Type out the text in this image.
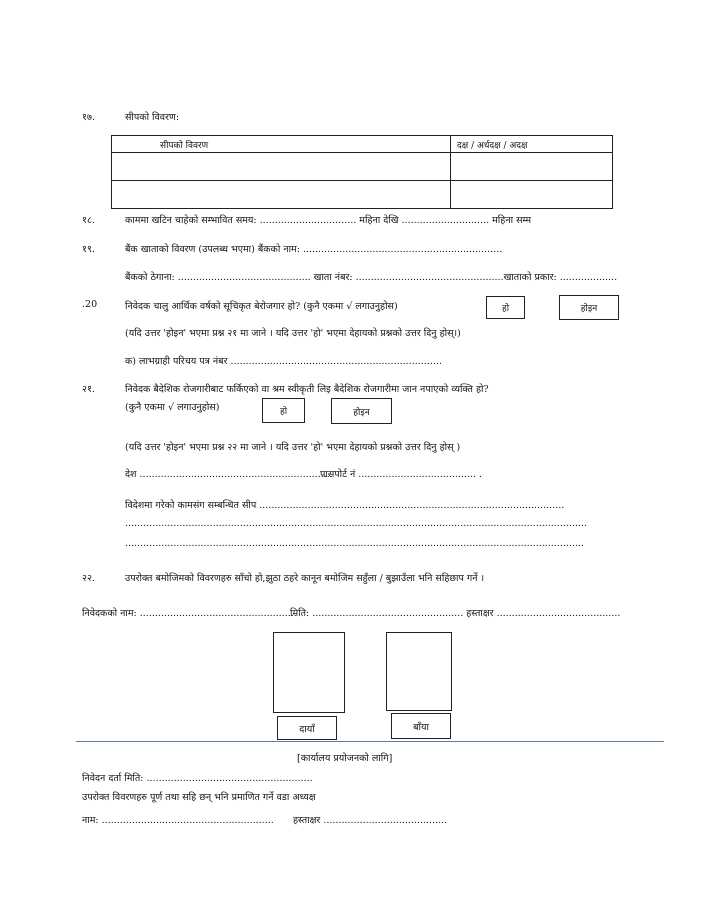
१७.	सीपको विवरण:
सीपको विवरण	दक्ष / अर्धदक्ष / अदक्ष

१८.	काममा खटिन चाहेको सम्भावित समय: ................................ महिना देखि ............................. महिना सम्म
१९.	बैंक खाताको विवरण (उपलब्ध भएमा) बैंकको नाम: ..................................................................
बैंकको ठेगाना: ............................................ खाता नंबर: .................................................खाताको प्रकार: ...................
.20	निवेदक चालु आर्थिक वर्षको सूचिकृत बेरोजगार हो? (कुनै एकमा √ लगाउनुहोस)	हो	होइन
(यदि उत्तर 'होइन' भएमा प्रश्न २१ मा जाने । यदि उत्तर 'हो' भएमा देहायको प्रश्नको उत्तर दिनु होस्।)
क) लाभग्राही परिचय पत्र नंबर ......................................................................
२१.	निवेदक बैदेशिक रोजगारीबाट फर्किएको वा श्रम स्वीकृती लिइ बैदेशिक रोजगारीमा जान नपाएको व्यक्ति हो?
(कुनै एकमा √ लगाउनुहोस)	हो	होइन
(यदि उत्तर 'होइन' भएमा प्रश्न २२ मा जाने । यदि उत्तर 'हो' भएमा देहायको प्रश्नको उत्तर दिनु होस् )
देश ................................................................
पासपोर्ट नं ....................................... .
विदेशमा गरेको कामसंग सम्बन्धित सीप .....................................................................................................
.........................................................................................................................................................
........................................................................................................................................................
२२.	उपरोक्त बमोजिमको विवरणहरु साँचो हो,झुठा ठहरे कानून बमोजिम सहुँला / बुझाउँला भनि सहिछाप गर्ने ।
निवेदकको नाम: ....................................................
मिति: .................................................. हस्ताक्षर .........................................
दायाँ	बाँया
[कार्यालय प्रयोजनको लागि]
निवेदन दर्ता मिति: .......................................................
उपरोक्त विवरणहरु पूर्ण तथा सहि छन् भनि प्रमाणित गर्ने वडा अध्यक्ष
नाम: ......................................................... हस्ताक्षर .........................................
